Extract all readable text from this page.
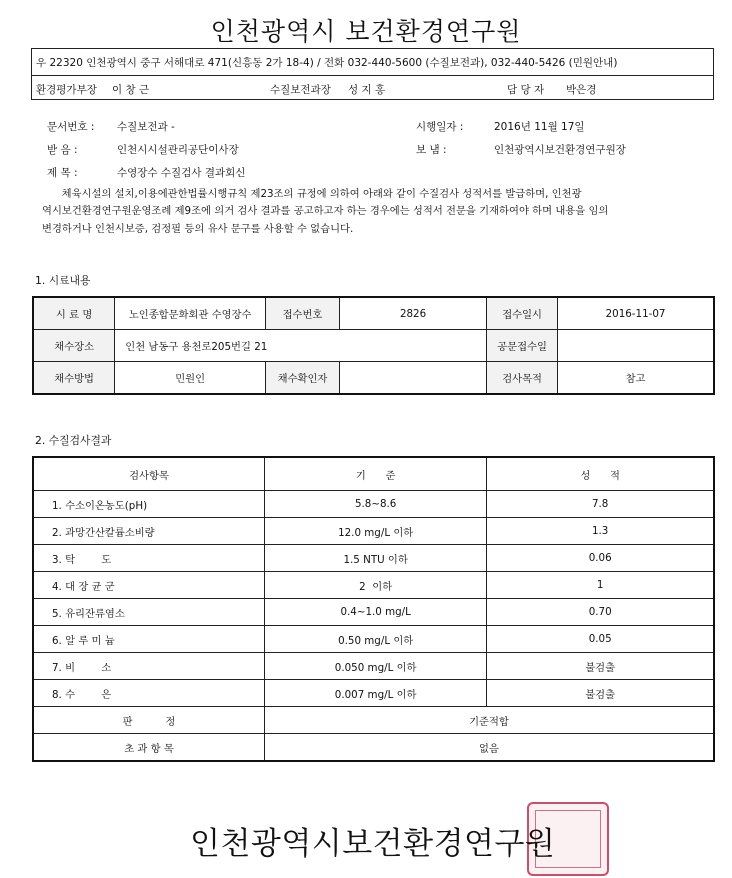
인천광역시 보건환경연구원
우 22320 인천광역시 중구 서해대로 471(신흥동 2가 18-4) / 전화 032-440-5600 (수질보전과), 032-440-5426 (민원안내)
환경평가부장 이 창 근	수질보전과장 성 지 홍	담 당 자 박은경
문서번호 : 수질보전과 -	시행일자 :	2016년 11월 17일
받 음 :	인천시시설관리공단이사장	보 냄 :	인천광역시보건환경연구원장
제 목 :	수영장수 수질검사 결과회신
체육시설의 설치,이용에관한법률시행규칙 제23조의 규정에 의하여 아래와 같이 수질검사 성적서를 발급하며, 인천광
역시보건환경연구원운영조례 제9조에 의거 검사 결과를 공고하고자 하는 경우에는 성적서 전문을 기재하여야 하며 내용을 임의
변경하거나 인천시보증, 검정필 등의 유사 문구를 사용할 수 없습니다.
1. 시료내용
시 료 명	노인종합문화회관 수영장수	접수번호	2826	접수일시	2016-11-07
채수장소	인천 남동구 용천로205번길 21			공문접수일	
채수방법	민원인	채수확인자		검사목적	참고
2. 수질검사결과
검사항목	기      준	성      적
1. 수소이온농도(pH)	5.8~8.6	7.8
2. 과망간산칼륨소비량	12.0 mg/L 이하	1.3
3. 탁        도	1.5 NTU 이하	0.06
4. 대 장 균 군	2  이하	1
5. 유리잔류염소	0.4~1.0 mg/L	0.70
6. 알 루 미 늄	0.50 mg/L 이하	0.05
7. 비        소	0.050 mg/L 이하	불검출
8. 수        은	0.007 mg/L 이하	불검출
판          정	기준적합	
초 과 항 목	없음	
인천광역시보건환경연구원
